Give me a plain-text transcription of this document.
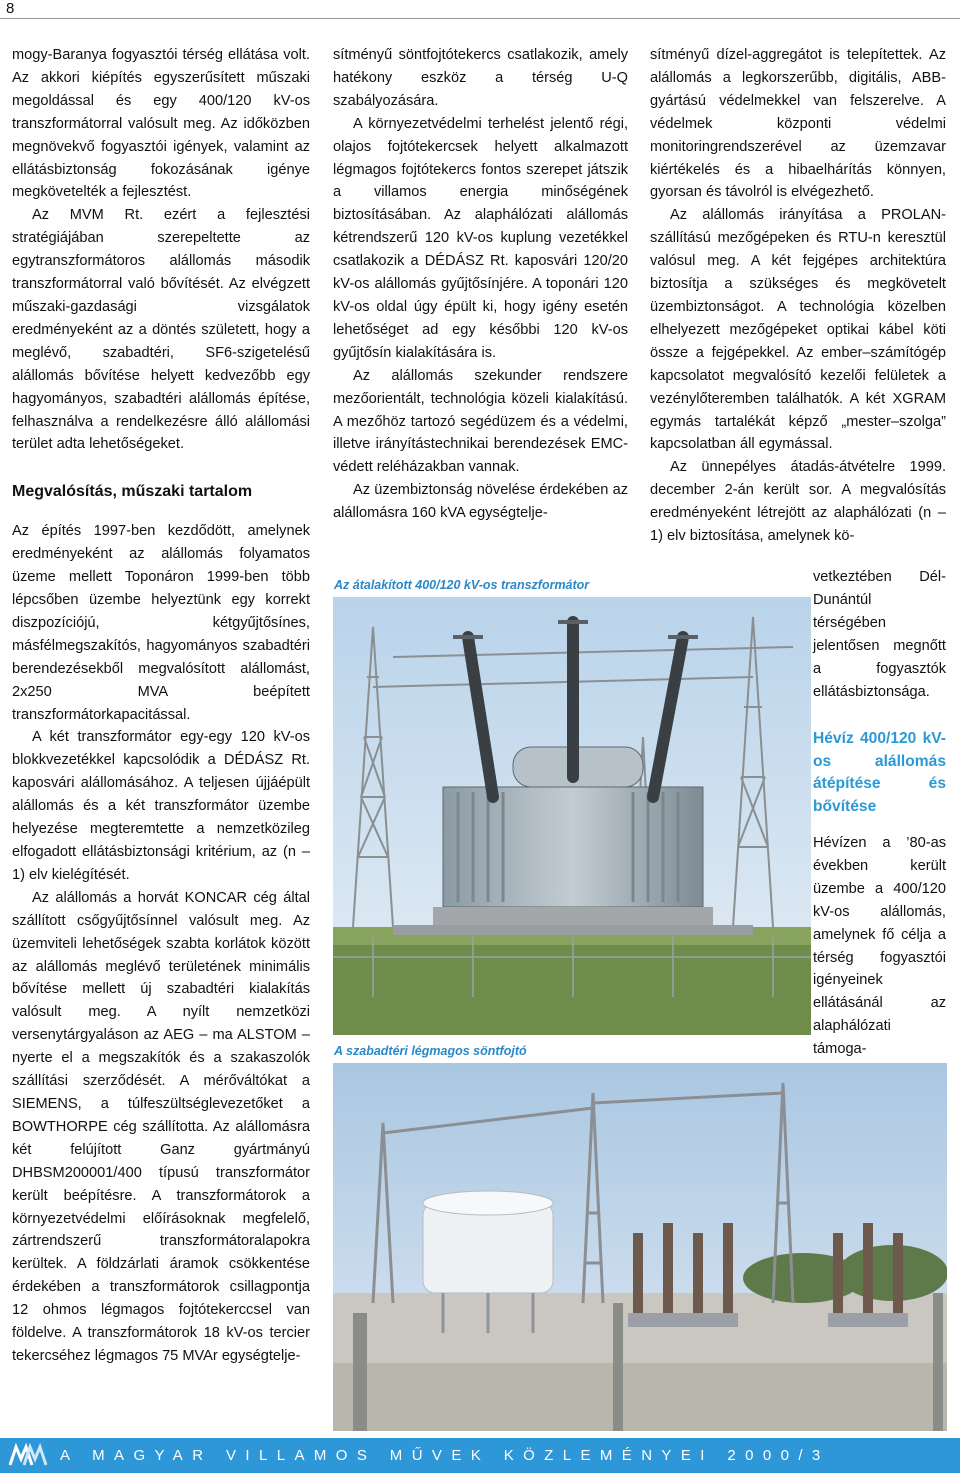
8

mogy-Baranya fogyasztói térség ellátása volt. Az akkori kiépítés egyszerűsített műszaki megoldással és egy 400/120 kV-os transzformátorral valósult meg. Az időközben megnövekvő fogyasztói igények, valamint az ellátásbiztonság fokozásának igénye megkövetelték a fejlesztést.

Az MVM Rt. ezért a fejlesztési stratégiájában szerepeltette az egytranszformátoros alállomás második transzformátorral való bővítését. Az elvégzett műszaki-gazdasági vizsgálatok eredményeként az a döntés született, hogy a meglévő, szabadtéri, SF6-szigetelésű alállomás bővítése helyett kedvezőbb egy hagyományos, szabadtéri alállomás építése, felhasználva a rendelkezésre álló alállomási terület adta lehetőségeket.

Megvalósítás, műszaki tartalom

Az építés 1997-ben kezdődött, amelynek eredményeként az alállomás folyamatos üzeme mellett Toponáron 1999-ben több lépcsőben üzembe helyeztünk egy korrekt diszpozíciójú, kétgyűjtősínes, másfélmegszakítós, hagyományos szabadtéri berendezésekből megvalósított alállomást, 2x250 MVA beépített transzformátorkapacitással.

A két transzformátor egy-egy 120 kV-os blokkvezetékkel kapcsolódik a DÉDÁSZ Rt. kaposvári alállomásához. A teljesen újjáépült alállomás és a két transzformátor üzembe helyezése megteremtette a nemzetközileg elfogadott ellátásbiztonsági kritérium, az (n – 1) elv kielégítését.

Az alállomás a horvát KONCAR cég által szállított csőgyűjtősínnel valósult meg. Az üzemviteli lehetőségek szabta korlátok között az alállomás meglévő területének minimális bővítése mellett új szabadtéri kialakítás valósult meg. A nyílt nemzetközi versenytárgyaláson az AEG – ma ALSTOM – nyerte el a megszakítók és a szakaszolók szállítási szerződését. A mérőváltókat a SIEMENS, a túlfeszültséglevezetőket a BOWTHORPE cég szállította. Az alállomásra két felújított Ganz gyártmányú DHBSM200001/400 típusú transzformátor került beépítésre. A transzformátorok a környezetvédelmi előírásoknak megfelelő, zártrendszerű transzformátoralapokra kerültek. A földzárlati áramok csökkentése érdekében a transzformátorok csillagpontja 12 ohmos légmagos fojtótekerccsel van földelve. A transzformátorok 18 kV-os tercier tekercséhez légmagos 75 MVAr egységtelje-

sítményű söntfojtótekercs csatlakozik, amely hatékony eszköz a térség U-Q szabályozására.

A környezetvédelmi terhelést jelentő régi, olajos fojtótekercsek helyett alkalmazott légmagos fojtótekercs fontos szerepet játszik a villamos energia minőségének biztosításában. Az alaphálózati alállomás kétrendszerű 120 kV-os kuplung vezetékkel csatlakozik a DÉDÁSZ Rt. kaposvári 120/20 kV-os alállomás gyűjtősínjére. A toponári 120 kV-os oldal úgy épült ki, hogy igény esetén lehetőséget ad egy későbbi 120 kV-os gyűjtősín kialakítására is.

Az alállomás szekunder rendszere mezőorientált, technológia közeli kialakítású. A mezőhöz tartozó segédüzem és a védelmi, illetve irányítástechnikai berendezések EMC-védett reléházakban vannak.

Az üzembiztonság növelése érdekében az alállomásra 160 kVA egységtelje-

sítményű dízel-aggregátot is telepítettek. Az alállomás a legkorszerűbb, digitális, ABB-gyártású védelmekkel van felszerelve. A védelmek központi védelmi monitoringrendszerével az üzemzavar kiértékelés és a hibaelhárítás könnyen, gyorsan és távolról is elvégezhető.

Az alállomás irányítása a PROLAN-szállítású mezőgépeken és RTU-n keresztül valósul meg. A két fejgépes architektúra biztosítja a szükséges és megkövetelt üzembiztonságot. A technológia közelben elhelyezett mezőgépeket optikai kábel köti össze a fejgépekkel. Az ember–számítógép kapcsolatot megvalósító kezelői felületek a vezénylőteremben találhatók. A két XGRAM egymás tartalékát képző „mester–szolga” kapcsolatban áll egymással.

Az ünnepélyes átadás-átvételre 1999. december 2-án került sor. A megvalósítás eredményeként létrejött az alaphálózati (n – 1) elv biztosítása, amelynek kö-

vetkeztében Dél-Dunántúl térségében jelentősen megnőtt a fogyasztók ellátásbiztonsága.

Hévíz 400/120 kV-os alállomás átépítése és bővítése

Hévízen a ’80-as években került üzembe a 400/120 kV-os alállomás, amelynek fő célja a térség fogyasztói igényeinek ellátásánál az alaphálózati támoga-

Az átalakított 400/120 kV-os transzformátor
A szabadtéri légmagos söntfojtó
A MAGYAR VILLAMOS MŰVEK KÖZLEMÉNYEI 2000/3
